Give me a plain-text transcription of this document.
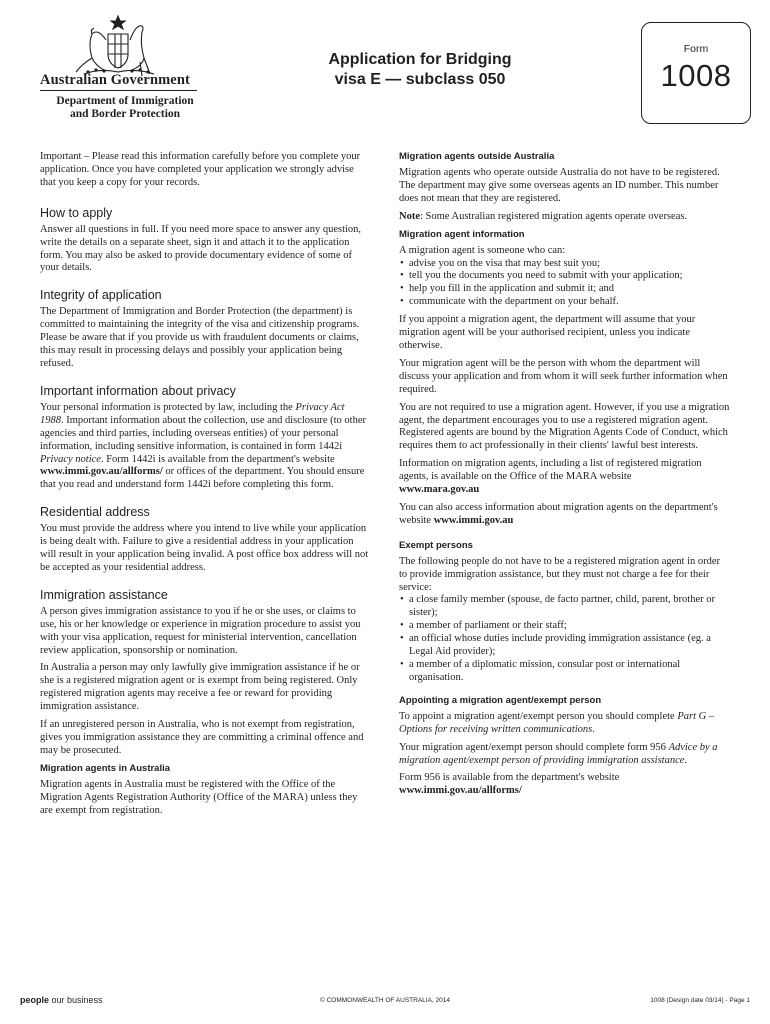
Australian Government
Department of Immigration
and Border Protection
Application for Bridging
visa E — subclass 050
Form
1008

Important – Please read this information carefully before you complete your application. Once you have completed your application we strongly advise that you keep a copy for your records.

How to apply

Answer all questions in full. If you need more space to answer any question, write the details on a separate sheet, sign it and attach it to the application form. You may also be asked to provide documentary evidence of some of your details.

Integrity of application

The Department of Immigration and Border Protection (the department) is committed to maintaining the integrity of the visa and citizenship programs. Please be aware that if you provide us with fraudulent documents or claims, this may result in processing delays and possibly your application being refused.

Important information about privacy

Your personal information is protected by law, including the Privacy Act 1988. Important information about the collection, use and disclosure (to other agencies and third parties, including overseas entities) of your personal information, including sensitive information, is contained in form 1442i Privacy notice. Form 1442i is available from the department's website www.immi.gov.au/allforms/ or offices of the department. You should ensure that you read and understand form 1442i before completing this form.

Residential address

You must provide the address where you intend to live while your application is being dealt with. Failure to give a residential address in your application will result in your application being invalid. A post office box address will not be accepted as your residential address.

Immigration assistance

A person gives immigration assistance to you if he or she uses, or claims to use, his or her knowledge or experience in migration procedure to assist you with your visa application, request for ministerial intervention, cancellation review application, sponsorship or nomination.

In Australia a person may only lawfully give immigration assistance if he or she is a registered migration agent or is exempt from being registered. Only registered migration agents may receive a fee or reward for providing immigration assistance.

If an unregistered person in Australia, who is not exempt from registration, gives you immigration assistance they are committing a criminal offence and may be prosecuted.

Migration agents in Australia

Migration agents in Australia must be registered with the Office of the Migration Agents Registration Authority (Office of the MARA) unless they are exempt from registration.

Migration agents outside Australia

Migration agents who operate outside Australia do not have to be registered. The department may give some overseas agents an ID number. This number does not mean that they are registered.

Note: Some Australian registered migration agents operate overseas.

Migration agent information

A migration agent is someone who can:

• advise you on the visa that may best suit you;
• tell you the documents you need to submit with your application;
• help you fill in the application and submit it; and
• communicate with the department on your behalf.

If you appoint a migration agent, the department will assume that your migration agent will be your authorised recipient, unless you indicate otherwise.

Your migration agent will be the person with whom the department will discuss your application and from whom it will seek further information when required.

You are not required to use a migration agent. However, if you use a migration agent, the department encourages you to use a registered migration agent. Registered agents are bound by the Migration Agents Code of Conduct, which requires them to act professionally in their clients' lawful best interests.

Information on migration agents, including a list of registered migration agents, is available on the Office of the MARA website
www.mara.gov.au

You can also access information about migration agents on the department's website www.immi.gov.au

Exempt persons

The following people do not have to be a registered migration agent in order to provide immigration assistance, but they must not charge a fee for their service:

• a close family member (spouse, de facto partner, child, parent, brother or sister);
• a member of parliament or their staff;
• an official whose duties include providing immigration assistance (eg. a Legal Aid provider);
• a member of a diplomatic mission, consular post or international organisation.
Appointing a migration agent/exempt person

To appoint a migration agent/exempt person you should complete Part G – Options for receiving written communications.

Your migration agent/exempt person should complete form 956 Advice by a migration agent/exempt person of providing immigration assistance.

Form 956 is available from the department's website
www.immi.gov.au/allforms/

people our business	© COMMONWEALTH OF AUSTRALIA, 2014	1008 (Design date 03/14) - Page 1
